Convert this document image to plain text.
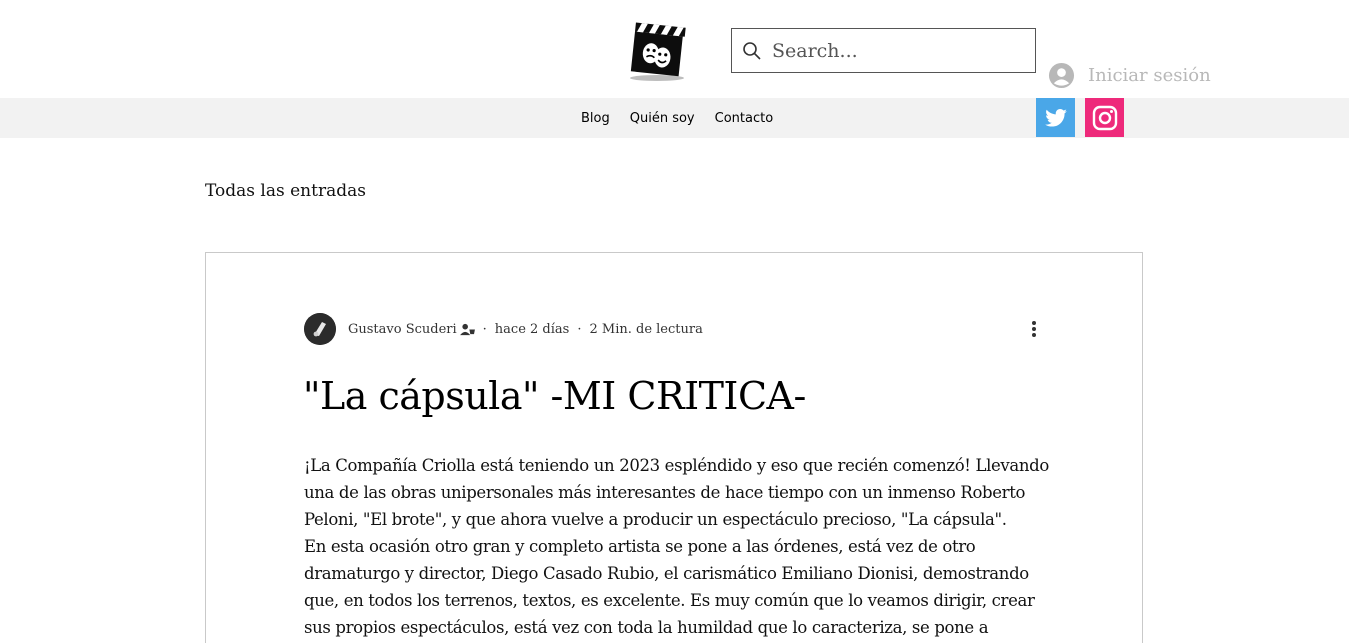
Search...
Iniciar sesión
Blog	Quién soy	Contacto
Todas las entradas
Gustavo Scuderi · hace 2 días · 2 Min. de lectura
"La cápsula" -MI CRITICA-

¡La Compañía Criolla está teniendo un 2023 espléndido y eso que recién comenzó! Llevando una de las obras unipersonales más interesantes de hace tiempo con un inmenso Roberto Peloni, "El brote", y que ahora vuelve a producir un espectáculo precioso, "La cápsula".

En esta ocasión otro gran y completo artista se pone a las órdenes, está vez de otro dramaturgo y director, Diego Casado Rubio, el carismático Emiliano Dionisi, demostrando que, en todos los terrenos, textos, es excelente. Es muy común que lo veamos dirigir, crear sus propios espectáculos, está vez con toda la humildad que lo caracteriza, se pone a
